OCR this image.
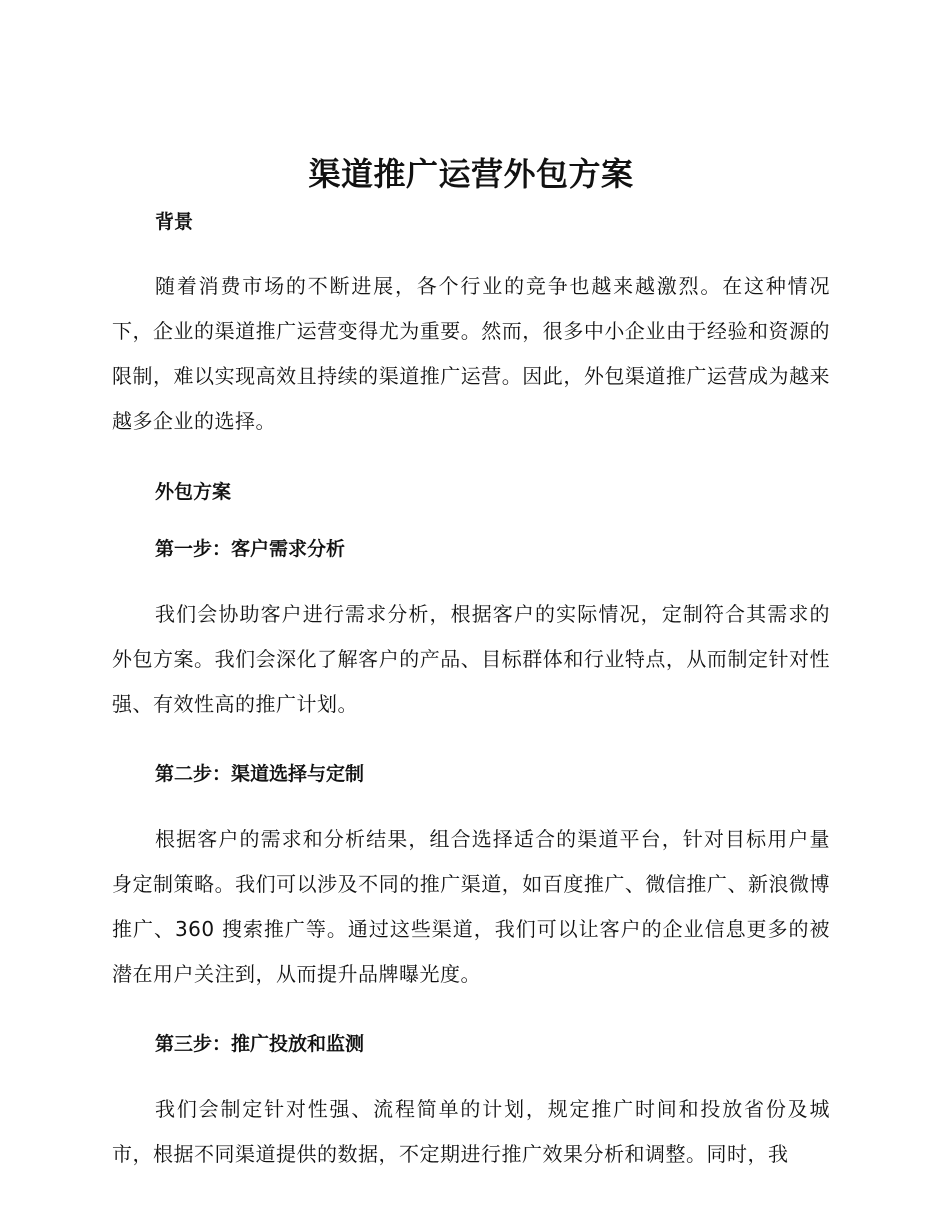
渠道推广运营外包方案
背景

随着消费市场的不断进展，各个行业的竞争也越来越激烈。在这种情况下，企业的渠道推广运营变得尤为重要。然而，很多中小企业由于经验和资源的限制，难以实现高效且持续的渠道推广运营。因此，外包渠道推广运营成为越来越多企业的选择。

外包方案
第一步：客户需求分析

我们会协助客户进行需求分析，根据客户的实际情况，定制符合其需求的外包方案。我们会深化了解客户的产品、目标群体和行业特点，从而制定针对性强、有效性高的推广计划。

第二步：渠道选择与定制

根据客户的需求和分析结果，组合选择适合的渠道平台，针对目标用户量身定制策略。我们可以涉及不同的推广渠道，如百度推广、微信推广、新浪微博推广、360 搜索推广等。通过这些渠道，我们可以让客户的企业信息更多的被潜在用户关注到，从而提升品牌曝光度。

第三步：推广投放和监测

我们会制定针对性强、流程简单的计划，规定推广时间和投放省份及城市，根据不同渠道提供的数据，不定期进行推广效果分析和调整。同时，我
